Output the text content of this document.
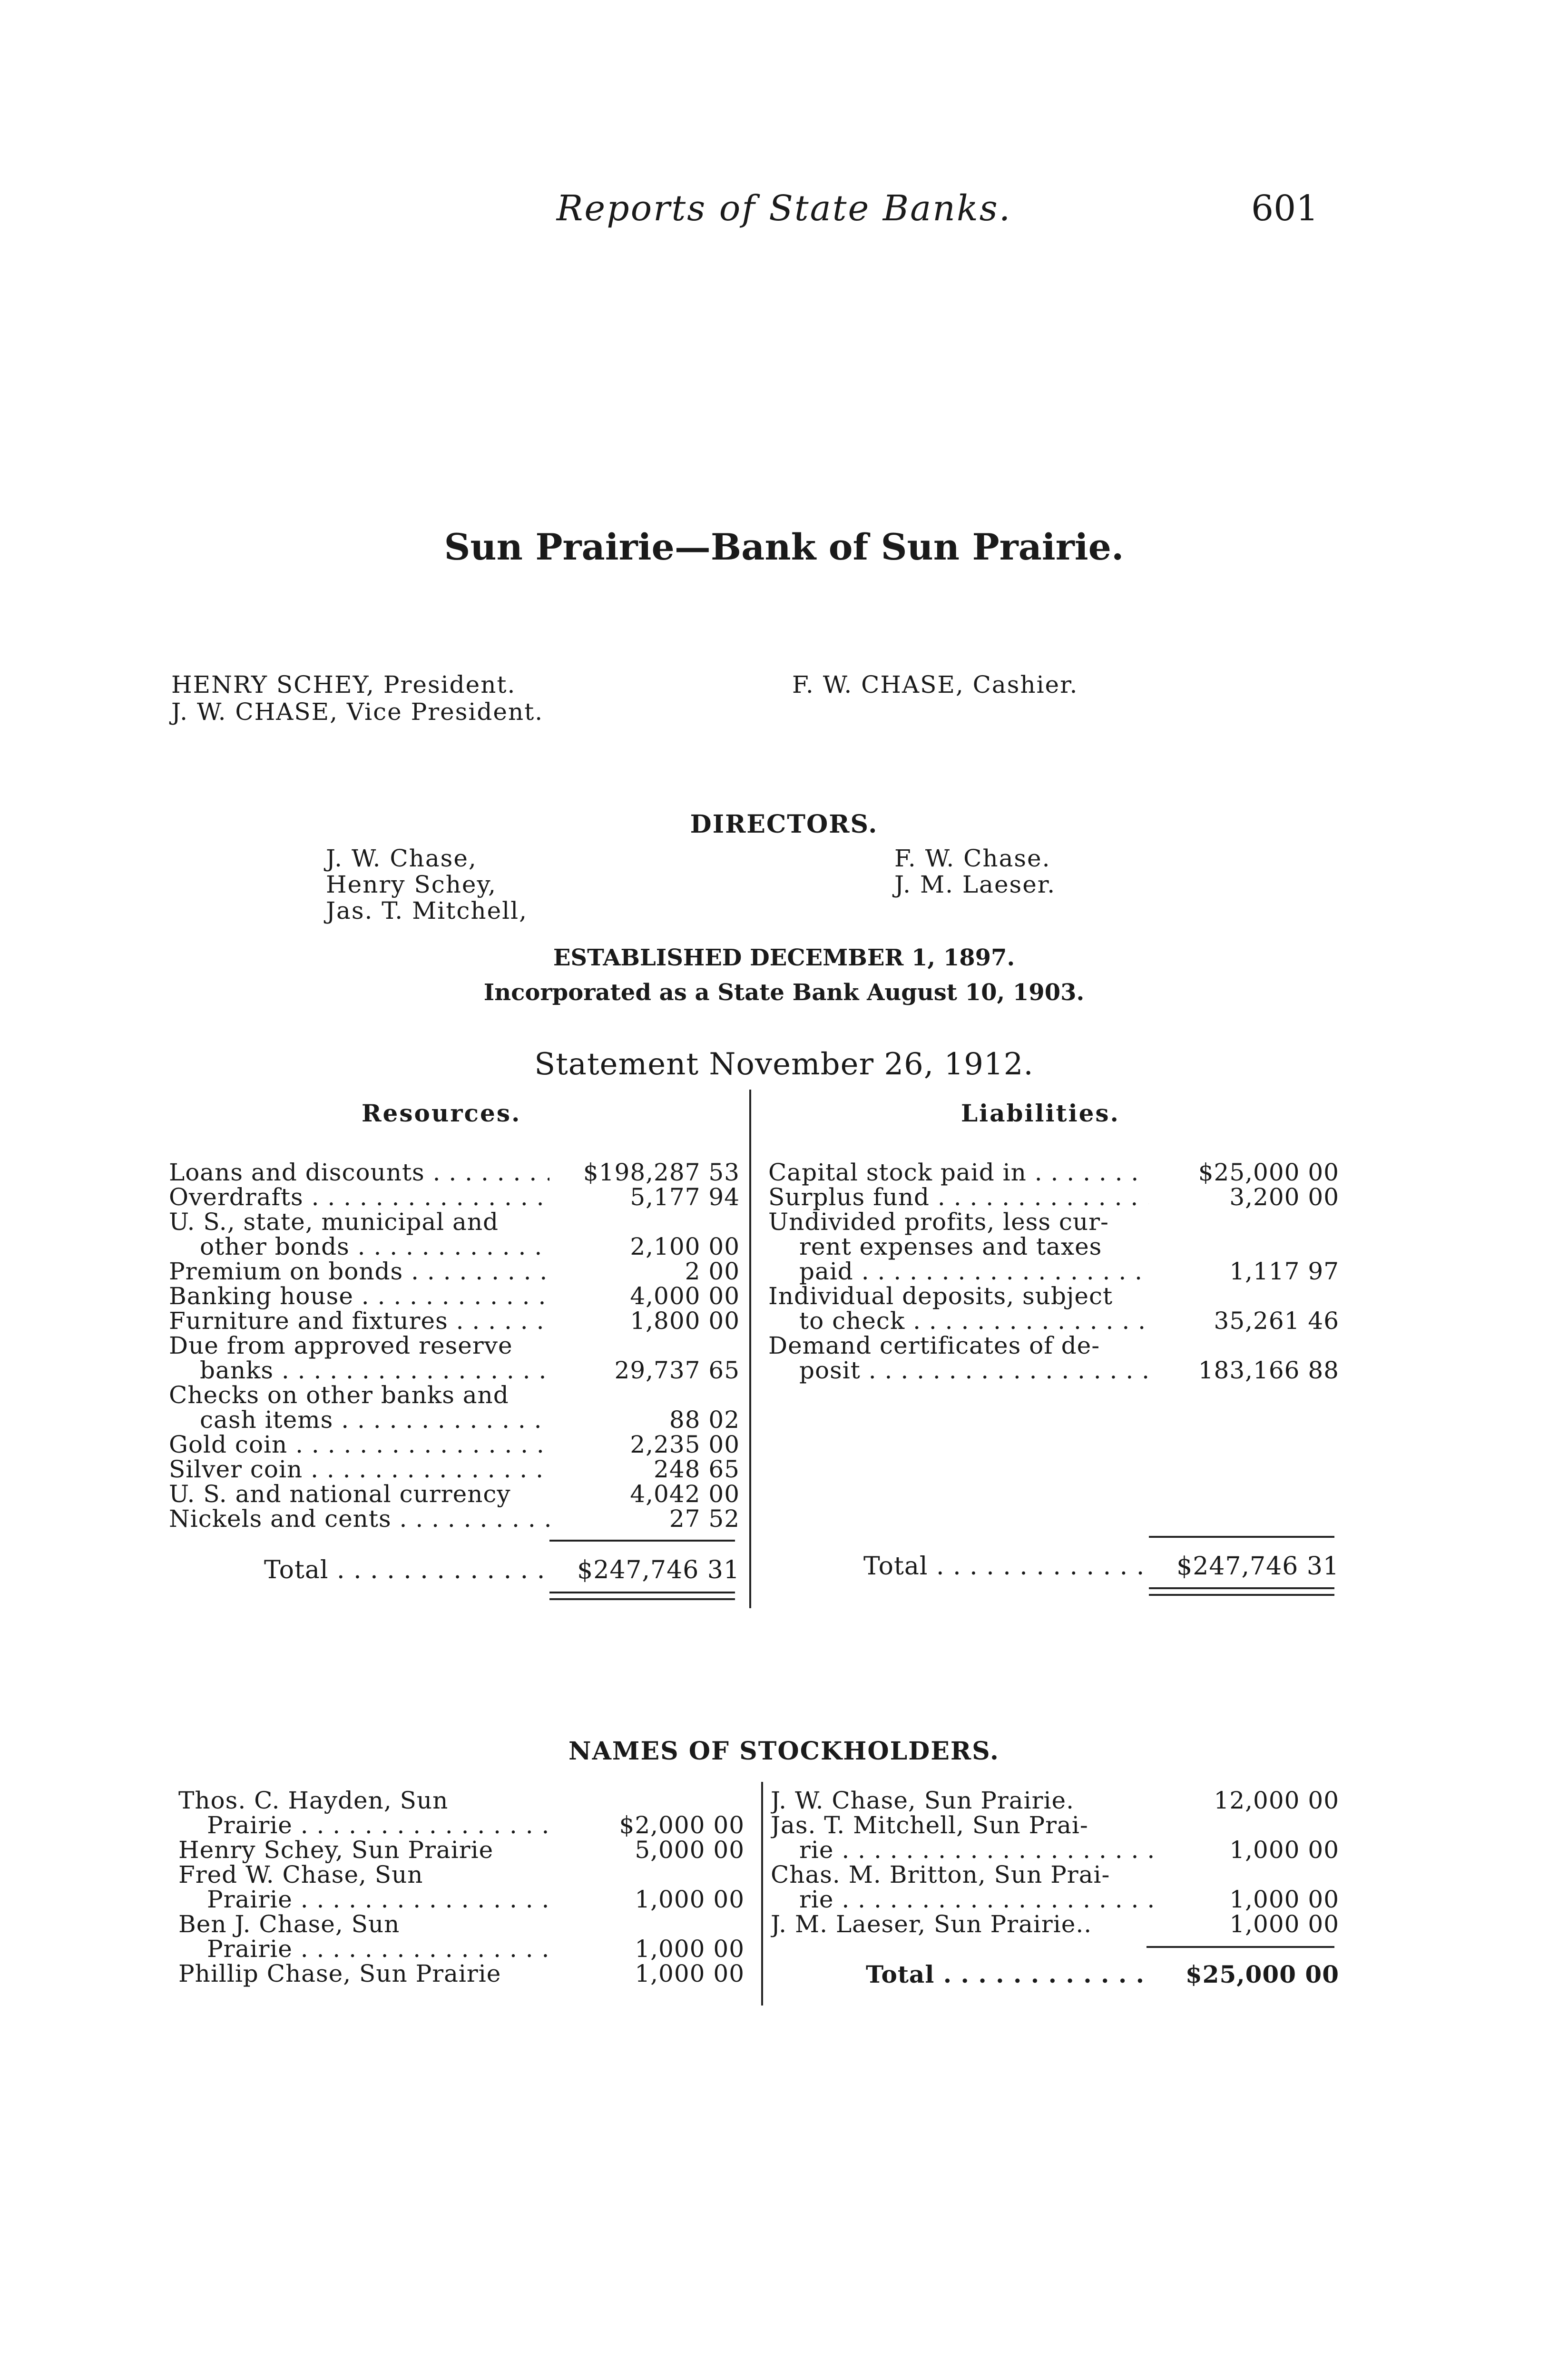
Reports of State Banks.	601
Sun Prairie—Bank of Sun Prairie.
HENRY SCHEY, President.
J. W. CHASE, Vice President.
F. W. CHASE, Cashier.
DIRECTORS.
J. W. Chase,
Henry Schey,
Jas. T. Mitchell,
F. W. Chase.
J. M. Laeser.
ESTABLISHED DECEMBER 1, 1897.
Incorporated as a State Bank August 10, 1903.
Statement November 26, 1912.
Resources.	Liabilities.
Loans and discounts . . .	$198,287 53
Overdrafts . . .	5,177 94
U. S., state, municipal and
other bonds . . .	2,100 00
Premium on bonds . . .	2 00
Banking house . . .	4,000 00
Furniture and fixtures . . .	1,800 00
Due from approved reserve
banks . . .	29,737 65
Checks on other banks and
cash items . . .	88 02
Gold coin . . .	2,235 00
Silver coin . . .	248 65
U. S. and national currency	4,042 00
Nickels and cents . . .	27 52
Total . . .	$247,746 31
Capital stock paid in . . .	$25,000 00
Surplus fund . . .	3,200 00
Undivided profits, less cur-
rent expenses and taxes
paid . . .	1,117 97
Individual deposits, subject
to check . . .	35,261 46
Demand certificates of de-
posit . . .	183,166 88
Total . . .	$247,746 31
NAMES OF STOCKHOLDERS.
Thos. C. Hayden, Sun
Prairie . . .	$2,000 00
Henry Schey, Sun Prairie	5,000 00
Fred W. Chase, Sun
Prairie . . .	1,000 00
Ben J. Chase, Sun
Prairie . . .	1,000 00
Phillip Chase, Sun Prairie	1,000 00
J. W. Chase, Sun Prairie.	12,000 00
Jas. T. Mitchell, Sun Prai-
rie . . .	1,000 00
Chas. M. Britton, Sun Prai-
rie . . .	1,000 00
J. M. Laeser, Sun Prairie..	1,000 00
Total . . .	$25,000 00
